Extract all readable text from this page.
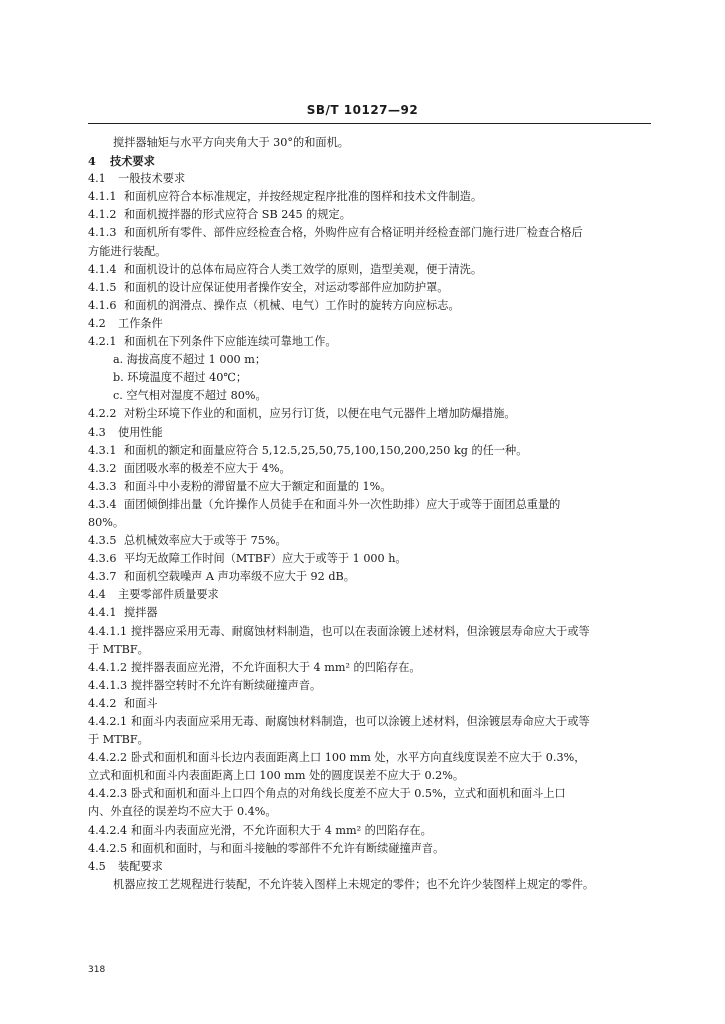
SB/T 10127—92
搅拌器轴矩与水平方向夹角大于 30°的和面机。
4 技术要求
4.1 一般技术要求
4.1.1 和面机应符合本标准规定，并按经规定程序批准的图样和技术文件制造。
4.1.2 和面机搅拌器的形式应符合 SB 245 的规定。
4.1.3 和面机所有零件、部件应经检查合格，外购件应有合格证明并经检查部门施行进厂检查合格后
方能进行装配。
4.1.4 和面机设计的总体布局应符合人类工效学的原则，造型美观，便于清洗。
4.1.5 和面机的设计应保证使用者操作安全，对运动零部件应加防护罩。
4.1.6 和面机的润滑点、操作点（机械、电气）工作时的旋转方向应标志。
4.2 工作条件
4.2.1 和面机在下列条件下应能连续可靠地工作。
a. 海拔高度不超过 1 000 m；
b. 环境温度不超过 40℃；
c. 空气相对湿度不超过 80%。
4.2.2 对粉尘环境下作业的和面机，应另行订货，以便在电气元器件上增加防爆措施。
4.3 使用性能
4.3.1 和面机的额定和面量应符合 5,12.5,25,50,75,100,150,200,250 kg 的任一种。
4.3.2 面团吸水率的极差不应大于 4%。
4.3.3 和面斗中小麦粉的滞留量不应大于额定和面量的 1%。
4.3.4 面团倾倒排出量（允许操作人员徒手在和面斗外一次性助排）应大于或等于面团总重量的
80%。
4.3.5 总机械效率应大于或等于 75%。
4.3.6 平均无故障工作时间（MTBF）应大于或等于 1 000 h。
4.3.7 和面机空载噪声 A 声功率级不应大于 92 dB。
4.4 主要零部件质量要求
4.4.1 搅拌器
4.4.1.1 搅拌器应采用无毒、耐腐蚀材料制造，也可以在表面涂镀上述材料，但涂镀层寿命应大于或等
于 MTBF。
4.4.1.2 搅拌器表面应光滑，不允许面积大于 4 mm² 的凹陷存在。
4.4.1.3 搅拌器空转时不允许有断续碰撞声音。
4.4.2 和面斗
4.4.2.1 和面斗内表面应采用无毒、耐腐蚀材料制造，也可以涂镀上述材料，但涂镀层寿命应大于或等
于 MTBF。
4.4.2.2 卧式和面机和面斗长边内表面距离上口 100 mm 处，水平方向直线度误差不应大于 0.3%，
立式和面机和面斗内表面距离上口 100 mm 处的圆度误差不应大于 0.2%。
4.4.2.3 卧式和面机和面斗上口四个角点的对角线长度差不应大于 0.5%，立式和面机和面斗上口
内、外直径的误差均不应大于 0.4%。
4.4.2.4 和面斗内表面应光滑，不允许面积大于 4 mm² 的凹陷存在。
4.4.2.5 和面机和面时，与和面斗接触的零部件不允许有断续碰撞声音。
4.5 装配要求
机器应按工艺规程进行装配，不允许装入图样上未规定的零件；也不允许少装图样上规定的零件。
318
